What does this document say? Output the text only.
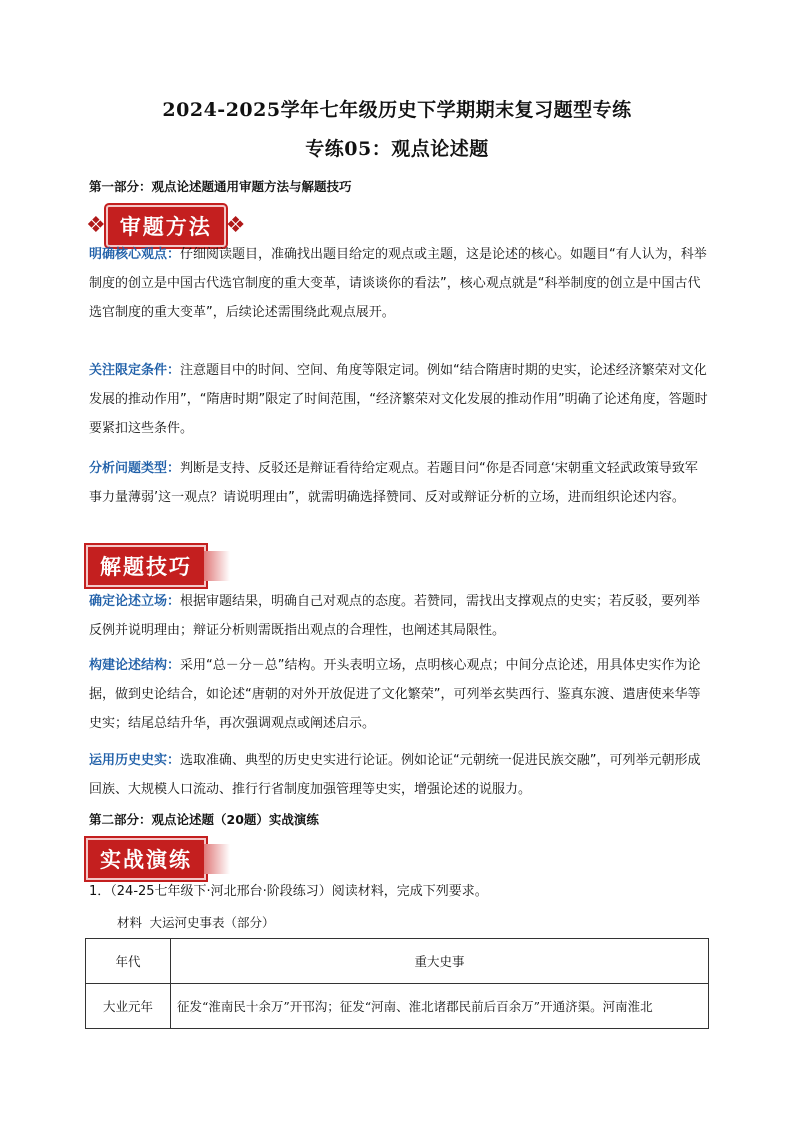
2024-2025学年七年级历史下学期期末复习题型专练
专练05：观点论述题
第一部分：观点论述题通用审题方法与解题技巧
❖ 审题方法 ❖
明确核心观点：仔细阅读题目，准确找出题目给定的观点或主题，这是论述的核心。如题目“有人认为，科举制度的创立是中国古代选官制度的重大变革，请谈谈你的看法”，核心观点就是“科举制度的创立是中国古代选官制度的重大变革”，后续论述需围绕此观点展开。
关注限定条件：注意题目中的时间、空间、角度等限定词。例如“结合隋唐时期的史实，论述经济繁荣对文化发展的推动作用”，“隋唐时期”限定了时间范围，“经济繁荣对文化发展的推动作用”明确了论述角度，答题时要紧扣这些条件。
分析问题类型：判断是支持、反驳还是辩证看待给定观点。若题目问“你是否同意‘宋朝重文轻武政策导致军事力量薄弱’这一观点？请说明理由”，就需明确选择赞同、反对或辩证分析的立场，进而组织论述内容。
解题技巧
确定论述立场：根据审题结果，明确自己对观点的态度。若赞同，需找出支撑观点的史实；若反驳，要列举反例并说明理由；辩证分析则需既指出观点的合理性，也阐述其局限性。
构建论述结构：采用“总－分－总”结构。开头表明立场，点明核心观点；中间分点论述，用具体史实作为论据，做到史论结合，如论述“唐朝的对外开放促进了文化繁荣”，可列举玄奘西行、鉴真东渡、遣唐使来华等史实；结尾总结升华，再次强调观点或阐述启示。
运用历史史实：选取准确、典型的历史史实进行论证。例如论证“元朝统一促进民族交融”，可列举元朝形成回族、大规模人口流动、推行行省制度加强管理等史实，增强论述的说服力。
第二部分：观点论述题（20题）实战演练
实战演练
1．（24-25七年级下·河北邢台·阶段练习）阅读材料，完成下列要求。
材料 大运河史事表（部分）
年代	重大史事
大业元年	征发“淮南民十余万”开邗沟；征发“河南、淮北诸郡民前后百余万”开通济渠。河南淮北
